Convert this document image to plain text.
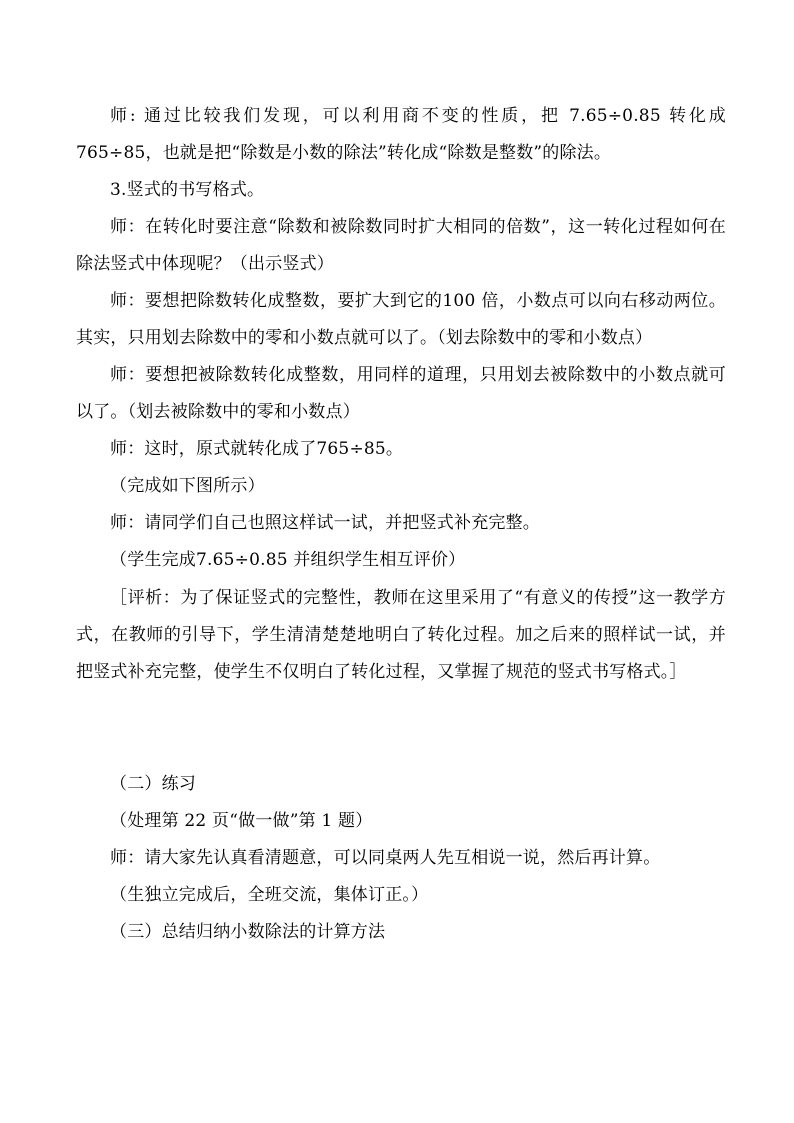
师: 通过比较我们发现，可以利用商不变的性质，把 7.65÷0.85 转化成 765÷85，也就是把“除数是小数的除法”转化成“除数是整数”的除法。

3.竖式的书写格式。

师：在转化时要注意“除数和被除数同时扩大相同的倍数”，这一转化过程如何在除法竖式中体现呢？（出示竖式）

师：要想把除数转化成整数，要扩大到它的100 倍，小数点可以向右移动两位。其实，只用划去除数中的零和小数点就可以了。（划去除数中的零和小数点）

师：要想把被除数转化成整数，用同样的道理，只用划去被除数中的小数点就可以了。（划去被除数中的零和小数点）

师：这时，原式就转化成了765÷85。

（完成如下图所示）

师：请同学们自己也照这样试一试，并把竖式补充完整。

（学生完成7.65÷0.85 并组织学生相互评价）

［评析：为了保证竖式的完整性，教师在这里采用了“有意义的传授”这一教学方式，在教师的引导下，学生清清楚楚地明白了转化过程。加之后来的照样试一试，并把竖式补充完整，使学生不仅明白了转化过程，又掌握了规范的竖式书写格式。］

（二）练习

（处理第 22 页“做一做”第 1 题）

师：请大家先认真看清题意，可以同桌两人先互相说一说，然后再计算。

（生独立完成后，全班交流，集体订正。）

（三）总结归纳小数除法的计算方法
